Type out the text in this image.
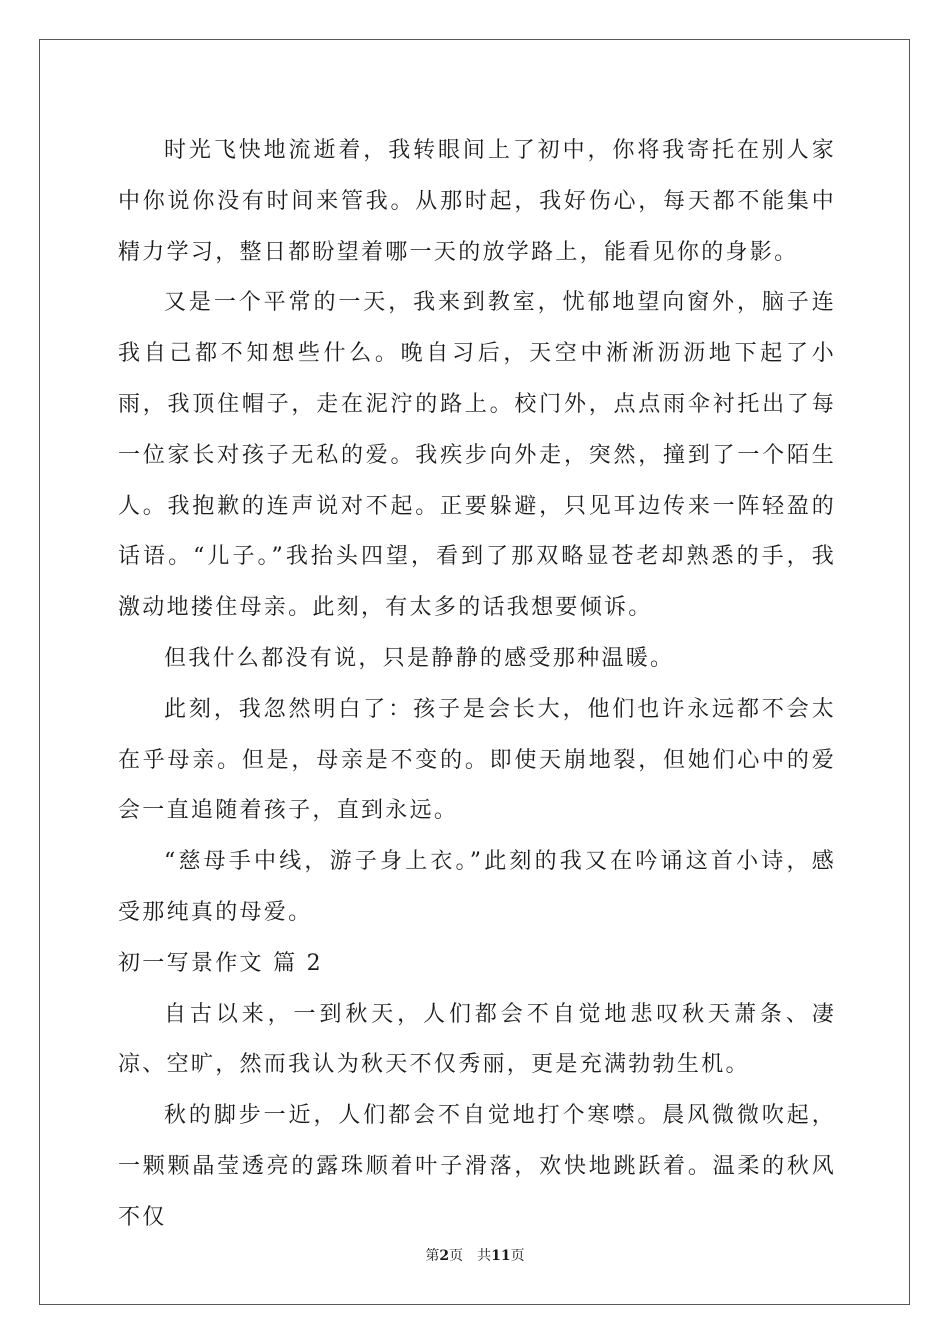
时光飞快地流逝着，我转眼间上了初中，你将我寄托在别人家中你说你没有时间来管我。从那时起，我好伤心，每天都不能集中精力学习，整日都盼望着哪一天的放学路上，能看见你的身影。

又是一个平常的一天，我来到教室，忧郁地望向窗外，脑子连我自己都不知想些什么。晚自习后，天空中淅淅沥沥地下起了小雨，我顶住帽子，走在泥泞的路上。校门外，点点雨伞衬托出了每一位家长对孩子无私的爱。我疾步向外走，突然，撞到了一个陌生人。我抱歉的连声说对不起。正要躲避，只见耳边传来一阵轻盈的话语。“儿子。”我抬头四望，看到了那双略显苍老却熟悉的手，我激动地搂住母亲。此刻，有太多的话我想要倾诉。

但我什么都没有说，只是静静的感受那种温暖。

此刻，我忽然明白了：孩子是会长大，他们也许永远都不会太在乎母亲。但是，母亲是不变的。即使天崩地裂，但她们心中的爱会一直追随着孩子，直到永远。

“慈母手中线，游子身上衣。”此刻的我又在吟诵这首小诗，感受那纯真的母爱。

初一写景作文 篇 2

自古以来，一到秋天，人们都会不自觉地悲叹秋天萧条、凄凉、空旷，然而我认为秋天不仅秀丽，更是充满勃勃生机。

秋的脚步一近，人们都会不自觉地打个寒噤。晨风微微吹起，一颗颗晶莹透亮的露珠顺着叶子滑落，欢快地跳跃着。温柔的秋风不仅

第2页 共11页
